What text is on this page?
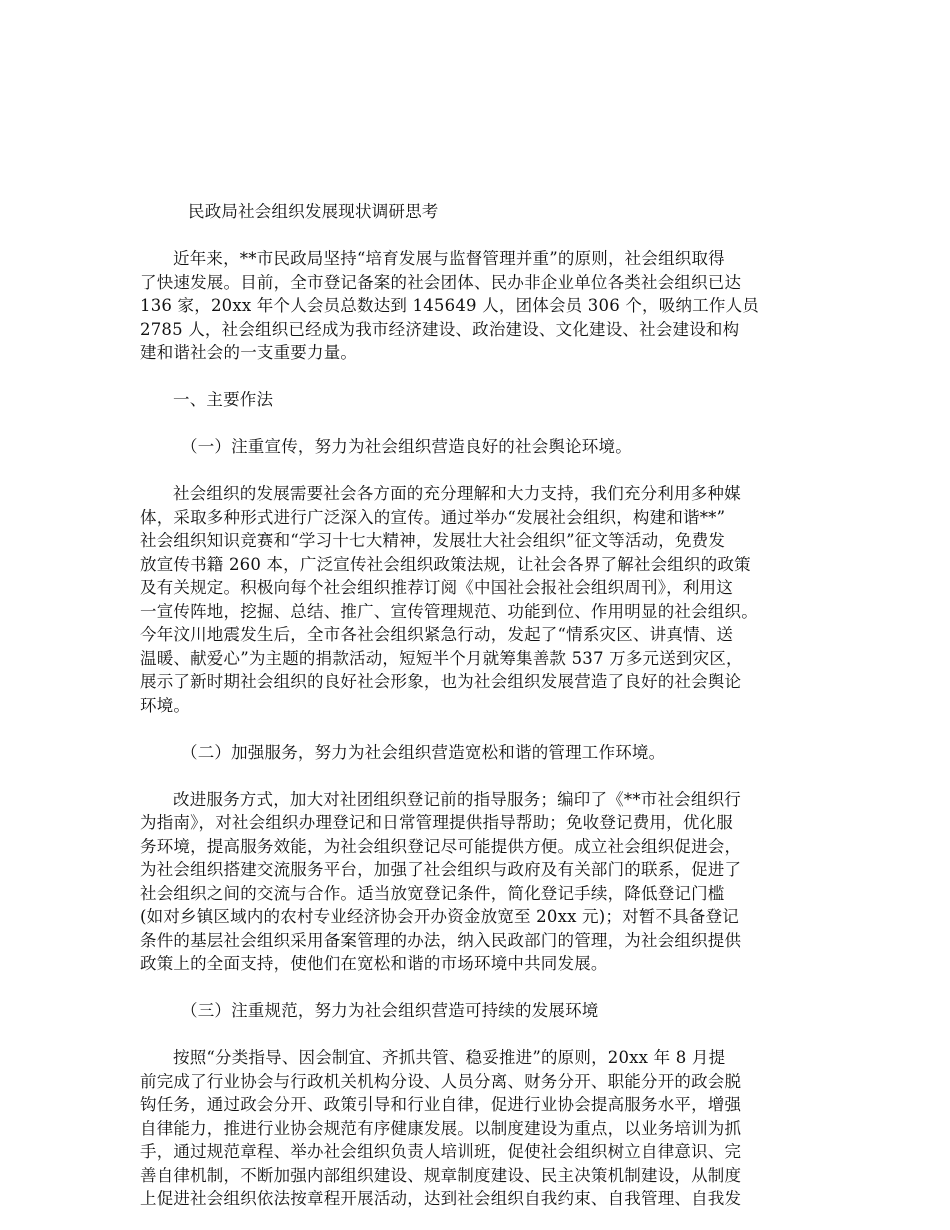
民政局社会组织发展现状调研思考
近年来，**市民政局坚持“培育发展与监督管理并重”的原则，社会组织取得
了快速发展。目前，全市登记备案的社会团体、民办非企业单位各类社会组织已达
136 家，20xx 年个人会员总数达到 145649 人，团体会员 306 个，吸纳工作人员
2785 人，社会组织已经成为我市经济建设、政治建设、文化建设、社会建设和构
建和谐社会的一支重要力量。
一、主要作法
（一）注重宣传，努力为社会组织营造良好的社会舆论环境。
社会组织的发展需要社会各方面的充分理解和大力支持，我们充分利用多种媒
体，采取多种形式进行广泛深入的宣传。通过举办“发展社会组织，构建和谐**”
社会组织知识竞赛和“学习十七大精神，发展壮大社会组织”征文等活动，免费发
放宣传书籍 260 本，广泛宣传社会组织政策法规，让社会各界了解社会组织的政策
及有关规定。积极向每个社会组织推荐订阅《中国社会报社会组织周刊》，利用这
一宣传阵地，挖掘、总结、推广、宣传管理规范、功能到位、作用明显的社会组织。
今年汶川地震发生后，全市各社会组织紧急行动，发起了“情系灾区、讲真情、送
温暖、献爱心”为主题的捐款活动，短短半个月就筹集善款 537 万多元送到灾区，
展示了新时期社会组织的良好社会形象，也为社会组织发展营造了良好的社会舆论
环境。
（二）加强服务，努力为社会组织营造宽松和谐的管理工作环境。
改进服务方式，加大对社团组织登记前的指导服务；编印了《**市社会组织行
为指南》，对社会组织办理登记和日常管理提供指导帮助；免收登记费用，优化服
务环境，提高服务效能，为社会组织登记尽可能提供方便。成立社会组织促进会，
为社会组织搭建交流服务平台，加强了社会组织与政府及有关部门的联系，促进了
社会组织之间的交流与合作。适当放宽登记条件，简化登记手续，降低登记门槛
(如对乡镇区域内的农村专业经济协会开办资金放宽至 20xx 元)；对暂不具备登记
条件的基层社会组织采用备案管理的办法，纳入民政部门的管理，为社会组织提供
政策上的全面支持，使他们在宽松和谐的市场环境中共同发展。
（三）注重规范，努力为社会组织营造可持续的发展环境
按照“分类指导、因会制宜、齐抓共管、稳妥推进”的原则，20xx 年 8 月提
前完成了行业协会与行政机关机构分设、人员分离、财务分开、职能分开的政会脱
钩任务，通过政会分开、政策引导和行业自律，促进行业协会提高服务水平，增强
自律能力，推进行业协会规范有序健康发展。以制度建设为重点，以业务培训为抓
手，通过规范章程、举办社会组织负责人培训班，促使社会组织树立自律意识、完
善自律机制，不断加强内部组织建设、规章制度建设、民主决策机制建设，从制度
上促进社会组织依法按章程开展活动，达到社会组织自我约束、自我管理、自我发
